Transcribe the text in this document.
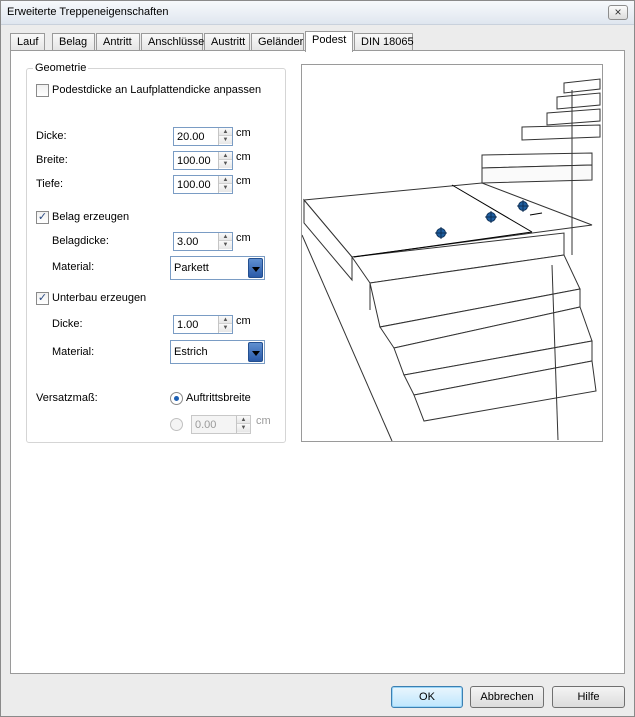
Erweiterte Treppeneigenschaften	×
Lauf	Belag	Antritt	Anschlüsse Austritt	Geländer Podest	DIN 18065
Geometrie
Podestdicke an Laufplattendicke anpassen
Dicke:	20.00	▲
▼
cm
Breite:	100.00	▲
▼
cm
Tiefe:	100.00	▲
▼
cm
✓ Belag erzeugen
Belagdicke:	3.00	▲
▼
cm
Material:	Parkett
✓ Unterbau erzeugen
Dicke:	1.00	▲
▼
cm
Material:	Estrich
Versatzmaß:	Auftrittsbreite
0.00	▲
▼
cm
OK	Abbrechen	Hilfe
